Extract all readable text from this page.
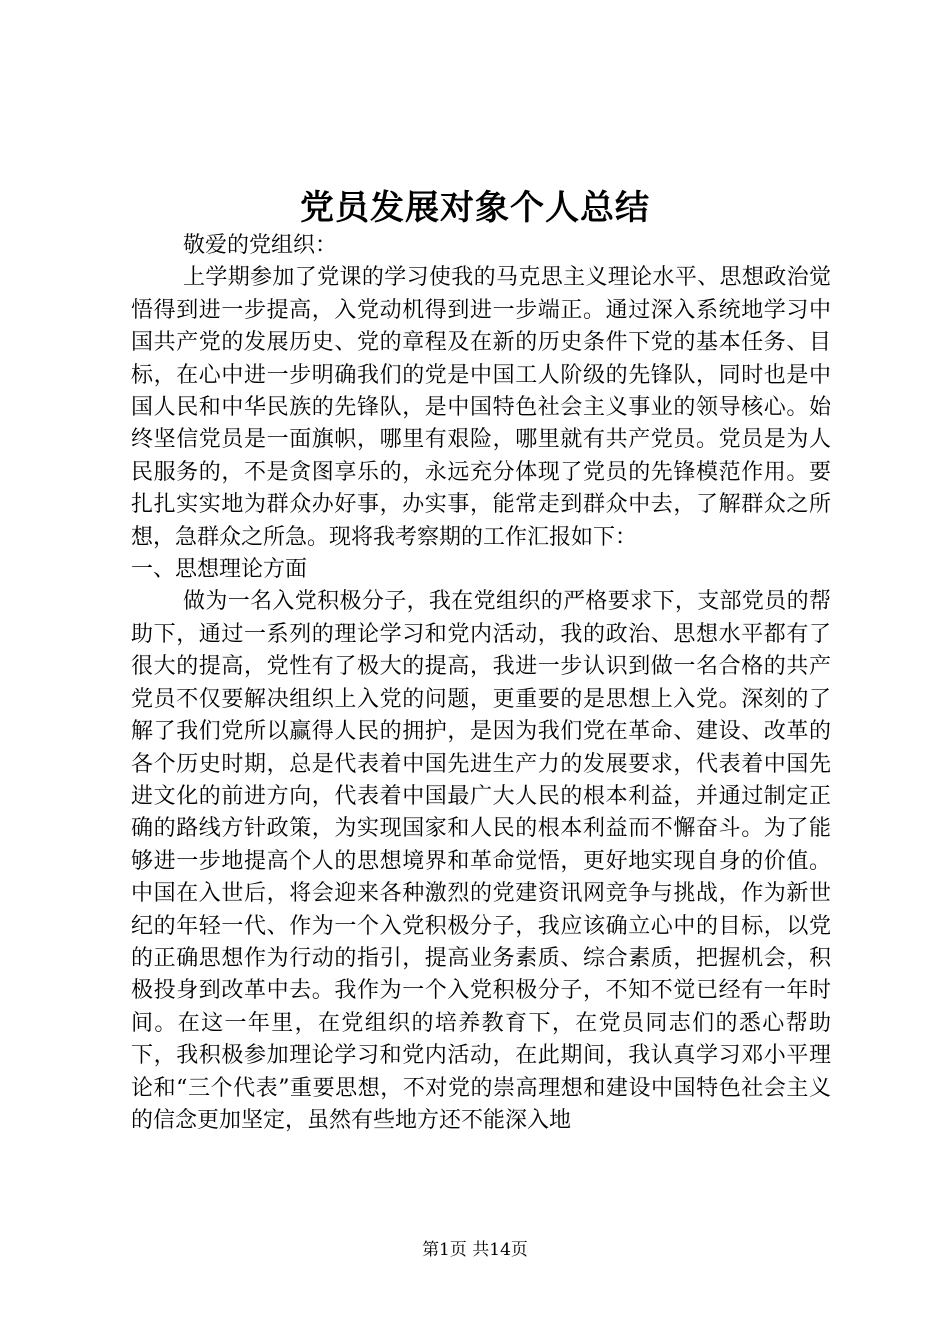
党员发展对象个人总结

敬爱的党组织：

上学期参加了党课的学习使我的马克思主义理论水平、思想政治觉悟得到进一步提高，入党动机得到进一步端正。通过深入系统地学习中国共产党的发展历史、党的章程及在新的历史条件下党的基本任务、目标，在心中进一步明确我们的党是中国工人阶级的先锋队，同时也是中国人民和中华民族的先锋队，是中国特色社会主义事业的领导核心。始终坚信党员是一面旗帜，哪里有艰险，哪里就有共产党员。党员是为人民服务的，不是贪图享乐的，永远充分体现了党员的先锋模范作用。要扎扎实实地为群众办好事，办实事，能常走到群众中去，了解群众之所想，急群众之所急。现将我考察期的工作汇报如下：

一、思想理论方面

做为一名入党积极分子，我在党组织的严格要求下，支部党员的帮助下，通过一系列的理论学习和党内活动，我的政治、思想水平都有了很大的提高，党性有了极大的提高，我进一步认识到做一名合格的共产党员不仅要解决组织上入党的问题，更重要的是思想上入党。深刻的了解了我们党所以赢得人民的拥护，是因为我们党在革命、建设、改革的各个历史时期，总是代表着中国先进生产力的发展要求，代表着中国先进文化的前进方向，代表着中国最广大人民的根本利益，并通过制定正确的路线方针政策，为实现国家和人民的根本利益而不懈奋斗。为了能够进一步地提高个人的思想境界和革命觉悟，更好地实现自身的价值。中国在入世后，将会迎来各种激烈的党建资讯网竞争与挑战，作为新世纪的年轻一代、作为一个入党积极分子，我应该确立心中的目标，以党的正确思想作为行动的指引，提高业务素质、综合素质，把握机会，积极投身到改革中去。我作为一个入党积极分子，不知不觉已经有一年时间。在这一年里，在党组织的培养教育下，在党员同志们的悉心帮助下，我积极参加理论学习和党内活动，在此期间，我认真学习邓小平理论和“三个代表”重要思想，不对党的崇高理想和建设中国特色社会主义的信念更加坚定，虽然有些地方还不能深入地

第1页 共14页
